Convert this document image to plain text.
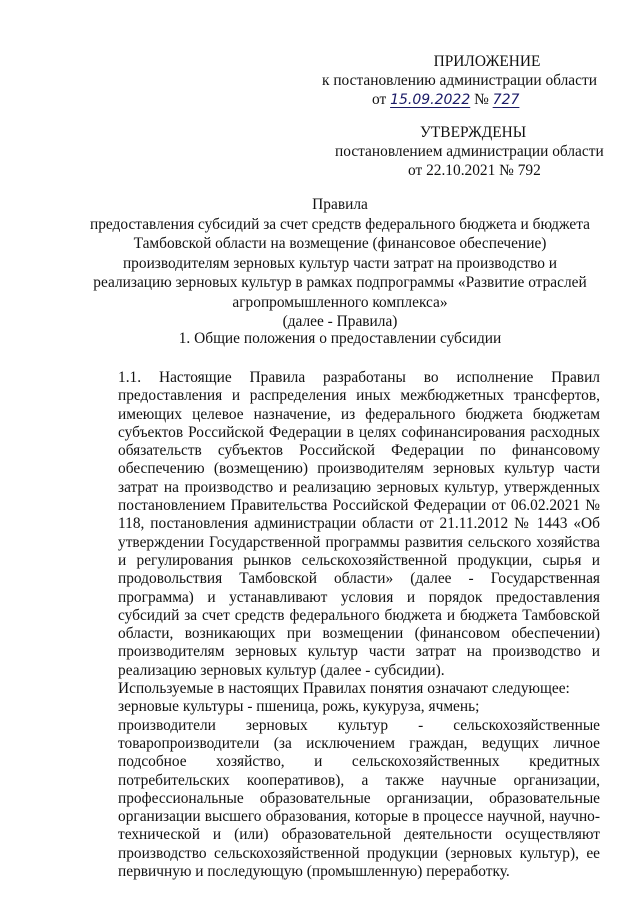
ПРИЛОЖЕНИЕ
к постановлению администрации области
от 15.09.2022 № 727
УТВЕРЖДЕНЫ
постановлением администрации области
от 22.10.2021 № 792
Правила
предоставления субсидий за счет средств федерального бюджета и бюджета
Тамбовской области на возмещение (финансовое обеспечение)
производителям зерновых культур части затрат на производство и
реализацию зерновых культур в рамках подпрограммы «Развитие отраслей
агропромышленного комплекса»
(далее - Правила)
1. Общие положения о предоставлении субсидии

1.1. Настоящие Правила разработаны во исполнение Правил предоставления и распределения иных межбюджетных трансфертов, имеющих целевое назначение, из федерального бюджета бюджетам субъектов Российской Федерации в целях софинансирования расходных обязательств субъектов Российской Федерации по финансовому обеспечению (возмещению) производителям зерновых культур части затрат на производство и реализацию зерновых культур, утвержденных постановлением Правительства Российской Федерации от 06.02.2021 № 118, постановления администрации области от 21.11.2012 № 1443 «Об утверждении Государственной программы развития сельского хозяйства и регулирования рынков сельскохозяйственной продукции, сырья и продовольствия Тамбовской области» (далее - Государственная программа) и устанавливают условия и порядок предоставления субсидий за счет средств федерального бюджета и бюджета Тамбовской области, возникающих при возмещении (финансовом обеспечении) производителям зерновых культур части затрат на производство и реализацию зерновых культур (далее - субсидии).

Используемые в настоящих Правилах понятия означают следующее:

зерновые культуры - пшеница, рожь, кукуруза, ячмень;

производители зерновых культур - сельскохозяйственные товаропроизводители (за исключением граждан, ведущих личное подсобное хозяйство, и сельскохозяйственных кредитных потребительских кооперативов), а также научные организации, профессиональные образовательные организации, образовательные организации высшего образования, которые в процессе научной, научно-технической и (или) образовательной деятельности осуществляют производство сельскохозяйственной продукции (зерновых культур), ее первичную и последующую (промышленную) переработку.
